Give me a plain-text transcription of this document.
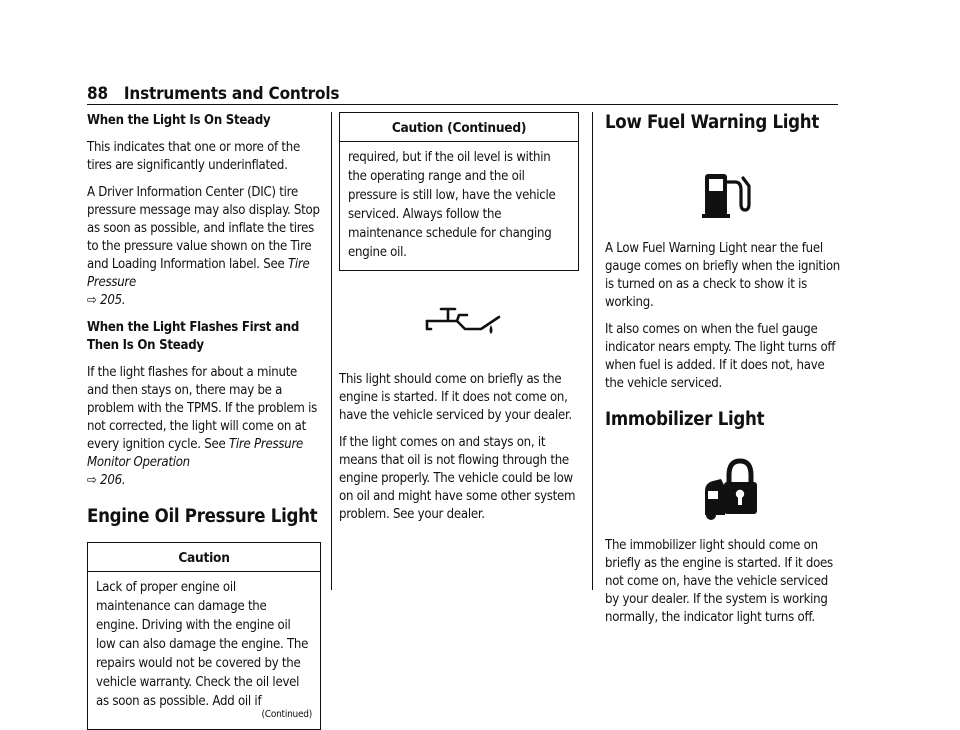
88 Instruments and Controls
When the Light Is On Steady

This indicates that one or more of the tires are significantly underinflated.

A Driver Information Center (DIC) tire pressure message may also display. Stop as soon as possible, and inflate the tires to the pressure value shown on the Tire and Loading Information label. See Tire Pressure
⇨ 205.

When the Light Flashes First and Then Is On Steady

If the light flashes for about a minute and then stays on, there may be a problem with the TPMS. If the problem is not corrected, the light will come on at every ignition cycle. See Tire Pressure Monitor Operation
⇨ 206.

Engine Oil Pressure Light
Caution
Lack of proper engine oil maintenance can damage the engine. Driving with the engine oil low can also damage the engine. The repairs would not be covered by the vehicle warranty. Check the oil level as soon as possible. Add oil if
(Continued)
Caution (Continued)
required, but if the oil level is within the operating range and the oil pressure is still low, have the vehicle serviced. Always follow the maintenance schedule for changing engine oil.

This light should come on briefly as the engine is started. If it does not come on, have the vehicle serviced by your dealer.

If the light comes on and stays on, it means that oil is not flowing through the engine properly. The vehicle could be low on oil and might have some other system problem. See your dealer.

Low Fuel Warning Light

A Low Fuel Warning Light near the fuel gauge comes on briefly when the ignition is turned on as a check to show it is working.

It also comes on when the fuel gauge indicator nears empty. The light turns off when fuel is added. If it does not, have the vehicle serviced.

Immobilizer Light

The immobilizer light should come on briefly as the engine is started. If it does not come on, have the vehicle serviced by your dealer. If the system is working normally, the indicator light turns off.
